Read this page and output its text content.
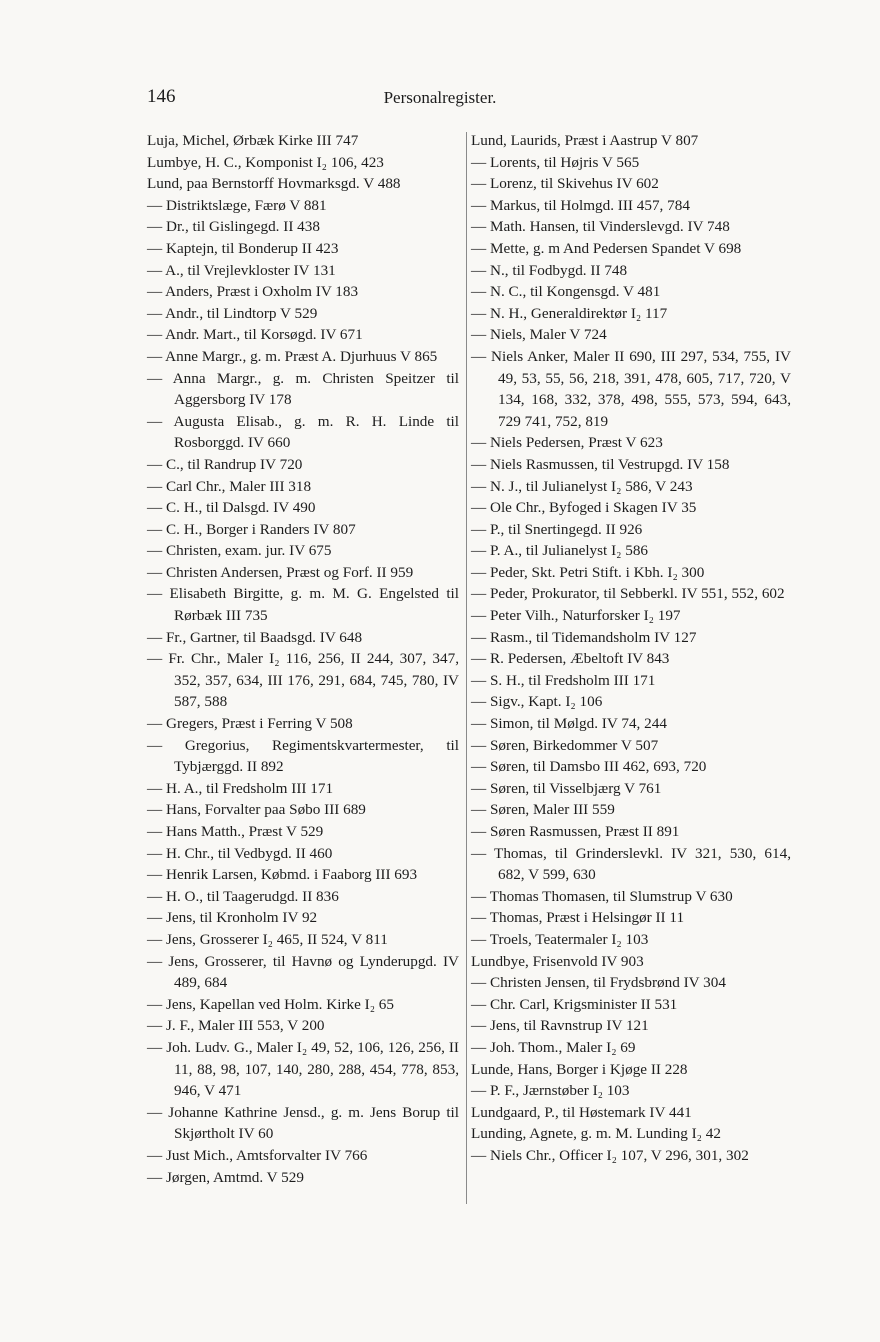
146	Personalregister.

Luja, Michel, Ørbæk Kirke III 747

Lumbye, H. C., Komponist I₂ 106, 423

Lund, paa Bernstorff Hovmarksgd. V 488

— Distriktslæge, Færø V 881

— Dr., til Gislingegd. II 438

— Kaptejn, til Bonderup II 423

— A., til Vrejlevkloster IV 131

— Anders, Præst i Oxholm IV 183

— Andr., til Lindtorp V 529

— Andr. Mart., til Korsøgd. IV 671

— Anne Margr., g. m. Præst A. Djurhuus V 865

— Anna Margr., g. m. Christen Speitzer til Aggersborg IV 178

— Augusta Elisab., g. m. R. H. Linde til Rosborggd. IV 660

— C., til Randrup IV 720

— Carl Chr., Maler III 318

— C. H., til Dalsgd. IV 490

— C. H., Borger i Randers IV 807

— Christen, exam. jur. IV 675

— Christen Andersen, Præst og Forf. II 959

— Elisabeth Birgitte, g. m. M. G. Engelsted til Rørbæk III 735

— Fr., Gartner, til Baadsgd. IV 648

— Fr. Chr., Maler I₂ 116, 256, II 244, 307, 347, 352, 357, 634, III 176, 291, 684, 745, 780, IV 587, 588

— Gregers, Præst i Ferring V 508

— Gregorius, Regimentskvartermester, til Tybjærggd. II 892

— H. A., til Fredsholm III 171

— Hans, Forvalter paa Søbo III 689

— Hans Matth., Præst V 529

— H. Chr., til Vedbygd. II 460

— Henrik Larsen, Købmd. i Faaborg III 693

— H. O., til Taagerudgd. II 836

— Jens, til Kronholm IV 92

— Jens, Grosserer I₂ 465, II 524, V 811

— Jens, Grosserer, til Havnø og Lynderupgd. IV 489, 684

— Jens, Kapellan ved Holm. Kirke I₂ 65

— J. F., Maler III 553, V 200

— Joh. Ludv. G., Maler I₂ 49, 52, 106, 126, 256, II 11, 88, 98, 107, 140, 280, 288, 454, 778, 853, 946, V 471

— Johanne Kathrine Jensd., g. m. Jens Borup til Skjørtholt IV 60

— Just Mich., Amtsforvalter IV 766

— Jørgen, Amtmd. V 529

Lund, Laurids, Præst i Aastrup V 807

— Lorents, til Højris V 565

— Lorenz, til Skivehus IV 602

— Markus, til Holmgd. III 457, 784

— Math. Hansen, til Vinderslevgd. IV 748

— Mette, g. m And Pedersen Spandet V 698

— N., til Fodbygd. II 748

— N. C., til Kongensgd. V 481

— N. H., Generaldirektør I₂ 117

— Niels, Maler V 724

— Niels Anker, Maler II 690, III 297, 534, 755, IV 49, 53, 55, 56, 218, 391, 478, 605, 717, 720, V 134, 168, 332, 378, 498, 555, 573, 594, 643, 729 741, 752, 819

— Niels Pedersen, Præst V 623

— Niels Rasmussen, til Vestrupgd. IV 158

— N. J., til Julianelyst I₂ 586, V 243

— Ole Chr., Byfoged i Skagen IV 35

— P., til Snertingegd. II 926

— P. A., til Julianelyst I₂ 586

— Peder, Skt. Petri Stift. i Kbh. I₂ 300

— Peder, Prokurator, til Sebberkl. IV 551, 552, 602

— Peter Vilh., Naturforsker I₂ 197

— Rasm., til Tidemandsholm IV 127

— R. Pedersen, Æbeltoft IV 843

— S. H., til Fredsholm III 171

— Sigv., Kapt. I₂ 106

— Simon, til Mølgd. IV 74, 244

— Søren, Birkedommer V 507

— Søren, til Damsbo III 462, 693, 720

— Søren, til Visselbjærg V 761

— Søren, Maler III 559

— Søren Rasmussen, Præst II 891

— Thomas, til Grinderslevkl. IV 321, 530, 614, 682, V 599, 630

— Thomas Thomasen, til Slumstrup V 630

— Thomas, Præst i Helsingør II 11

— Troels, Teatermaler I₂ 103

Lundbye, Frisenvold IV 903

— Christen Jensen, til Frydsbrønd IV 304

— Chr. Carl, Krigsminister II 531

— Jens, til Ravnstrup IV 121

— Joh. Thom., Maler I₂ 69

Lunde, Hans, Borger i Kjøge II 228

— P. F., Jærnstøber I₂ 103

Lundgaard, P., til Høstemark IV 441

Lunding, Agnete, g. m. M. Lunding I₂ 42

— Niels Chr., Officer I₂ 107, V 296, 301, 302
